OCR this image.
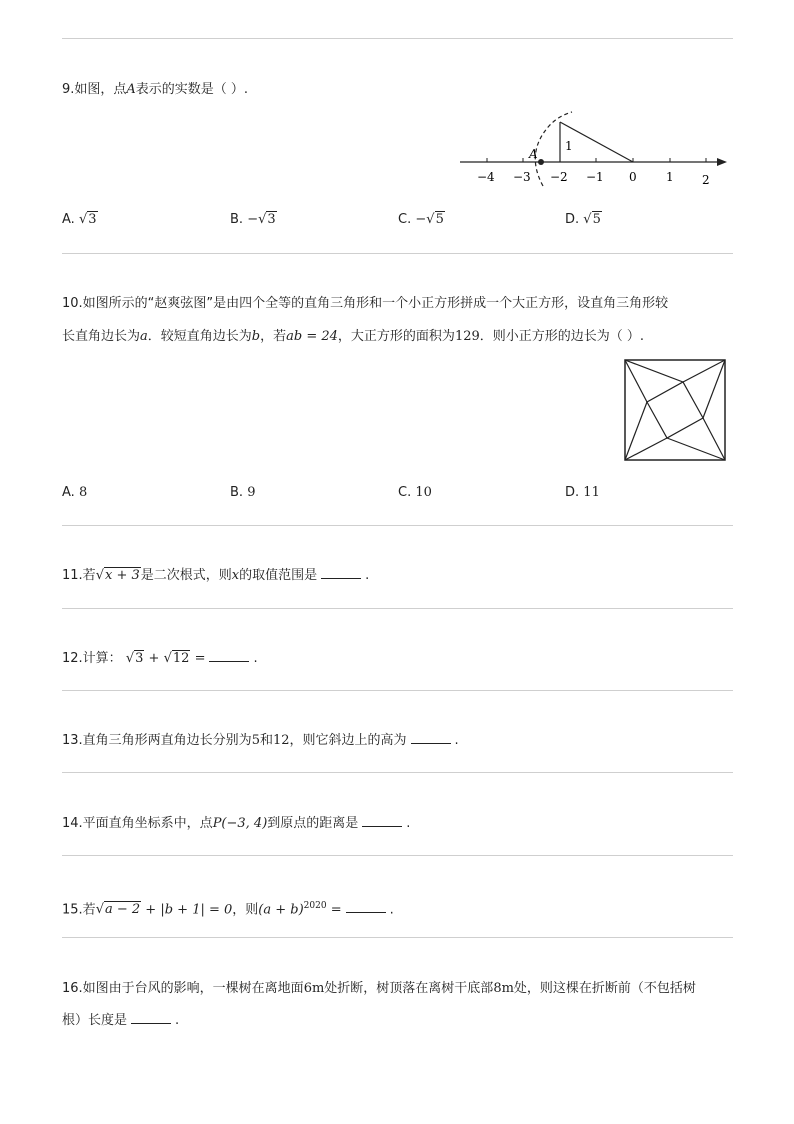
9.如图，点A表示的实数是（ ）.
A
1
−4 −3 −2 −1 0 1 2
A. √3	B. −√3	C. −√5	D. √5
10.如图所示的“赵爽弦图”是由四个全等的直角三角形和一个小正方形拼成一个大正方形，设直角三角形较
长直角边长为a．较短直角边长为b，若ab = 24，大正方形的面积为129．则小正方形的边长为（ ）.
A. 8	B. 9	C. 10	D. 11
11.若√x + 3是二次根式，则x的取值范围是	.
12.计算： √3 + √12 =	.
13.直角三角形两直角边长分别为5和12，则它斜边上的高为	.
14.平面直角坐标系中，点P(−3, 4)到原点的距离是	.
15.若√a − 2 + |b + 1| = 0，则$(a + b)^{2020}$ =	.
16.如图由于台风的影响，一棵树在离地面6m处折断，树顶落在离树干底部8m处，则这棵在折断前（不包括树
根）长度是	.
